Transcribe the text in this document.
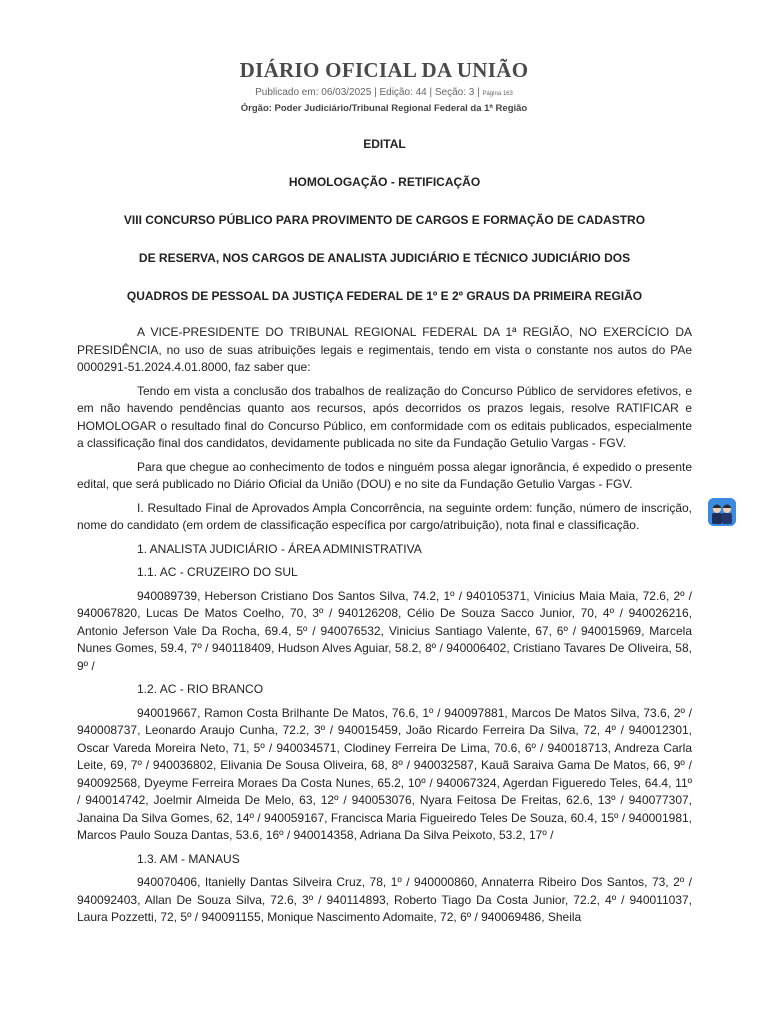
DIÁRIO OFICIAL DA UNIÃO
Publicado em: 06/03/2025 | Edição: 44 | Seção: 3 | Página 163
Órgão: Poder Judiciário/Tribunal Regional Federal da 1ª Região
EDITAL
HOMOLOGAÇÃO - RETIFICAÇÃO
VIII CONCURSO PÚBLICO PARA PROVIMENTO DE CARGOS E FORMAÇÃO DE CADASTRO
DE RESERVA, NOS CARGOS DE ANALISTA JUDICIÁRIO E TÉCNICO JUDICIÁRIO DOS
QUADROS DE PESSOAL DA JUSTIÇA FEDERAL DE 1º E 2º GRAUS DA PRIMEIRA REGIÃO

A VICE-PRESIDENTE DO TRIBUNAL REGIONAL FEDERAL DA 1ª REGIÃO, NO EXERCÍCIO DA PRESIDÊNCIA, no uso de suas atribuições legais e regimentais, tendo em vista o constante nos autos do PAe 0000291-51.2024.4.01.8000, faz saber que:

Tendo em vista a conclusão dos trabalhos de realização do Concurso Público de servidores efetivos, e em não havendo pendências quanto aos recursos, após decorridos os prazos legais, resolve RATIFICAR e HOMOLOGAR o resultado final do Concurso Público, em conformidade com os editais publicados, especialmente a classificação final dos candidatos, devidamente publicada no site da Fundação Getulio Vargas - FGV.

Para que chegue ao conhecimento de todos e ninguém possa alegar ignorância, é expedido o presente edital, que será publicado no Diário Oficial da União (DOU) e no site da Fundação Getulio Vargas - FGV.

I. Resultado Final de Aprovados Ampla Concorrência, na seguinte ordem: função, número de inscrição, nome do candidato (em ordem de classificação específica por cargo/atribuição), nota final e classificação.

1. ANALISTA JUDICIÁRIO - ÁREA ADMINISTRATIVA
1.1. AC - CRUZEIRO DO SUL

940089739, Heberson Cristiano Dos Santos Silva, 74.2, 1º / 940105371, Vinicius Maia Maia, 72.6, 2º / 940067820, Lucas De Matos Coelho, 70, 3º / 940126208, Célio De Souza Sacco Junior, 70, 4º / 940026216, Antonio Jeferson Vale Da Rocha, 69.4, 5º / 940076532, Vinicius Santiago Valente, 67, 6º / 940015969, Marcela Nunes Gomes, 59.4, 7º / 940118409, Hudson Alves Aguiar, 58.2, 8º / 940006402, Cristiano Tavares De Oliveira, 58, 9º /

1.2. AC - RIO BRANCO

940019667, Ramon Costa Brilhante De Matos, 76.6, 1º / 940097881, Marcos De Matos Silva, 73.6, 2º / 940008737, Leonardo Araujo Cunha, 72.2, 3º / 940015459, João Ricardo Ferreira Da Silva, 72, 4º / 940012301, Oscar Vareda Moreira Neto, 71, 5º / 940034571, Clodiney Ferreira De Lima, 70.6, 6º / 940018713, Andreza Carla Leite, 69, 7º / 940036802, Elivania De Sousa Oliveira, 68, 8º / 940032587, Kauã Saraiva Gama De Matos, 66, 9º / 940092568, Dyeyme Ferreira Moraes Da Costa Nunes, 65.2, 10º / 940067324, Agerdan Figueredo Teles, 64.4, 11º / 940014742, Joelmir Almeida De Melo, 63, 12º / 940053076, Nyara Feitosa De Freitas, 62.6, 13º / 940077307, Janaina Da Silva Gomes, 62, 14º / 940059167, Francisca Maria Figueiredo Teles De Souza, 60.4, 15º / 940001981, Marcos Paulo Souza Dantas, 53.6, 16º / 940014358, Adriana Da Silva Peixoto, 53.2, 17º /

1.3. AM - MANAUS

940070406, Itanielly Dantas Silveira Cruz, 78, 1º / 940000860, Annaterra Ribeiro Dos Santos, 73, 2º / 940092403, Allan De Souza Silva, 72.6, 3º / 940114893, Roberto Tiago Da Costa Junior, 72.2, 4º / 940011037, Laura Pozzetti, 72, 5º / 940091155, Monique Nascimento Adomaite, 72, 6º / 940069486, Sheila
